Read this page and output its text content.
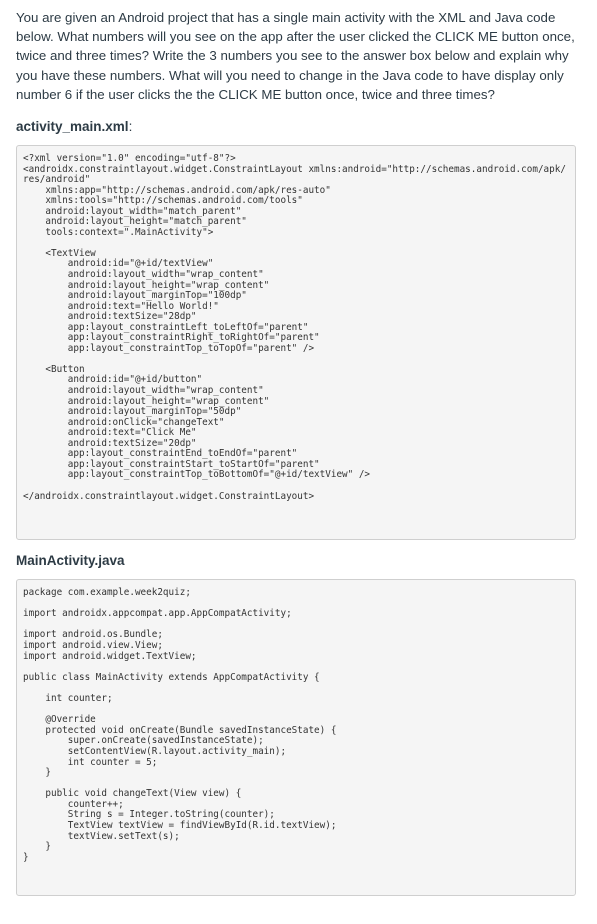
You are given an Android project that has a single main activity with the XML and Java code below. What numbers will you see on the app after the user clicked the CLICK ME button once, twice and three times? Write the 3 numbers you see to the answer box below and explain why you have these numbers. What will you need to change in the Java code to have display only number 6 if the user clicks the the CLICK ME button once, twice and three times?

activity_main.xml:
<?xml version="1.0" encoding="utf-8"?>
<androidx.constraintlayout.widget.ConstraintLayout xmlns:android="http://schemas.android.com/apk/res/android"
xmlns:app="http://schemas.android.com/apk/res-auto"
xmlns:tools="http://schemas.android.com/tools"
android:layout_width="match_parent"
android:layout_height="match_parent"
tools:context=".MainActivity">

<TextView
android:id="@+id/textView"
android:layout_width="wrap_content"
android:layout_height="wrap_content"
android:layout_marginTop="100dp"
android:text="Hello World!"
android:textSize="28dp"
app:layout_constraintLeft_toLeftOf="parent"
app:layout_constraintRight_toRightOf="parent"
app:layout_constraintTop_toTopOf="parent" />

<Button
android:id="@+id/button"
android:layout_width="wrap_content"
android:layout_height="wrap_content"
android:layout_marginTop="50dp"
android:onClick="changeText"
android:text="Click Me"
android:textSize="20dp"
app:layout_constraintEnd_toEndOf="parent"
app:layout_constraintStart_toStartOf="parent"
app:layout_constraintTop_toBottomOf="@+id/textView" />

</androidx.constraintlayout.widget.ConstraintLayout>
MainActivity.java
package com.example.week2quiz;

import androidx.appcompat.app.AppCompatActivity;

import android.os.Bundle;
import android.view.View;
import android.widget.TextView;

public class MainActivity extends AppCompatActivity {

int counter;

@Override
protected void onCreate(Bundle savedInstanceState) {
super.onCreate(savedInstanceState);
setContentView(R.layout.activity_main);
int counter = 5;
}

public void changeText(View view) {
counter++;
String s = Integer.toString(counter);
TextView textView = findViewById(R.id.textView);
textView.setText(s);
}
}
